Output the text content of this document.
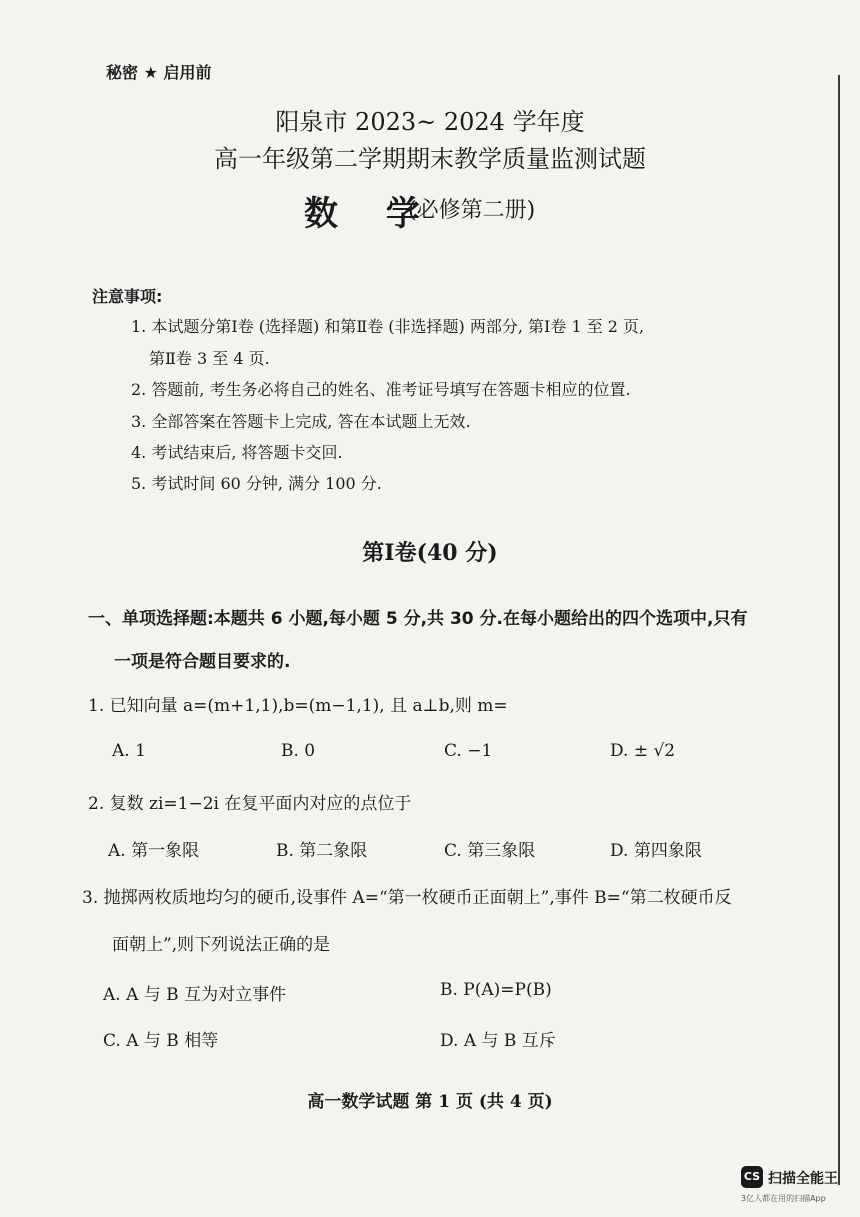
秘密 ★ 启用前
阳泉市 2023~ 2024 学年度
高一年级第二学期期末教学质量监测试题
数 学
(必修第二册)
注意事项:
1. 本试题分第Ⅰ卷 (选择题) 和第Ⅱ卷 (非选择题) 两部分, 第Ⅰ卷 1 至 2 页,
第Ⅱ卷 3 至 4 页.
2. 答题前, 考生务必将自己的姓名、准考证号填写在答题卡相应的位置.
3. 全部答案在答题卡上完成, 答在本试题上无效.
4. 考试结束后, 将答题卡交回.
5. 考试时间 60 分钟, 满分 100 分.
第Ⅰ卷(40 分)
一、单项选择题:本题共 6 小题,每小题 5 分,共 30 分.在每小题给出的四个选项中,只有
一项是符合题目要求的.
1. 已知向量 a=(m+1,1),b=(m−1,1), 且 a⊥b,则 m=
A. 1	B. 0	C. −1	D. ± √2
2. 复数 zi=1−2i 在复平面内对应的点位于
A. 第一象限	B. 第二象限	C. 第三象限	D. 第四象限
3. 抛掷两枚质地均匀的硬币,设事件 A=“第一枚硬币正面朝上”,事件 B=“第二枚硬币反
面朝上”,则下列说法正确的是
A. A 与 B 互为对立事件	B. P(A)=P(B)
C. A 与 B 相等	D. A 与 B 互斥
高一数学试题 第 1 页 (共 4 页)
CS 扫描全能王
3亿人都在用的扫描App
